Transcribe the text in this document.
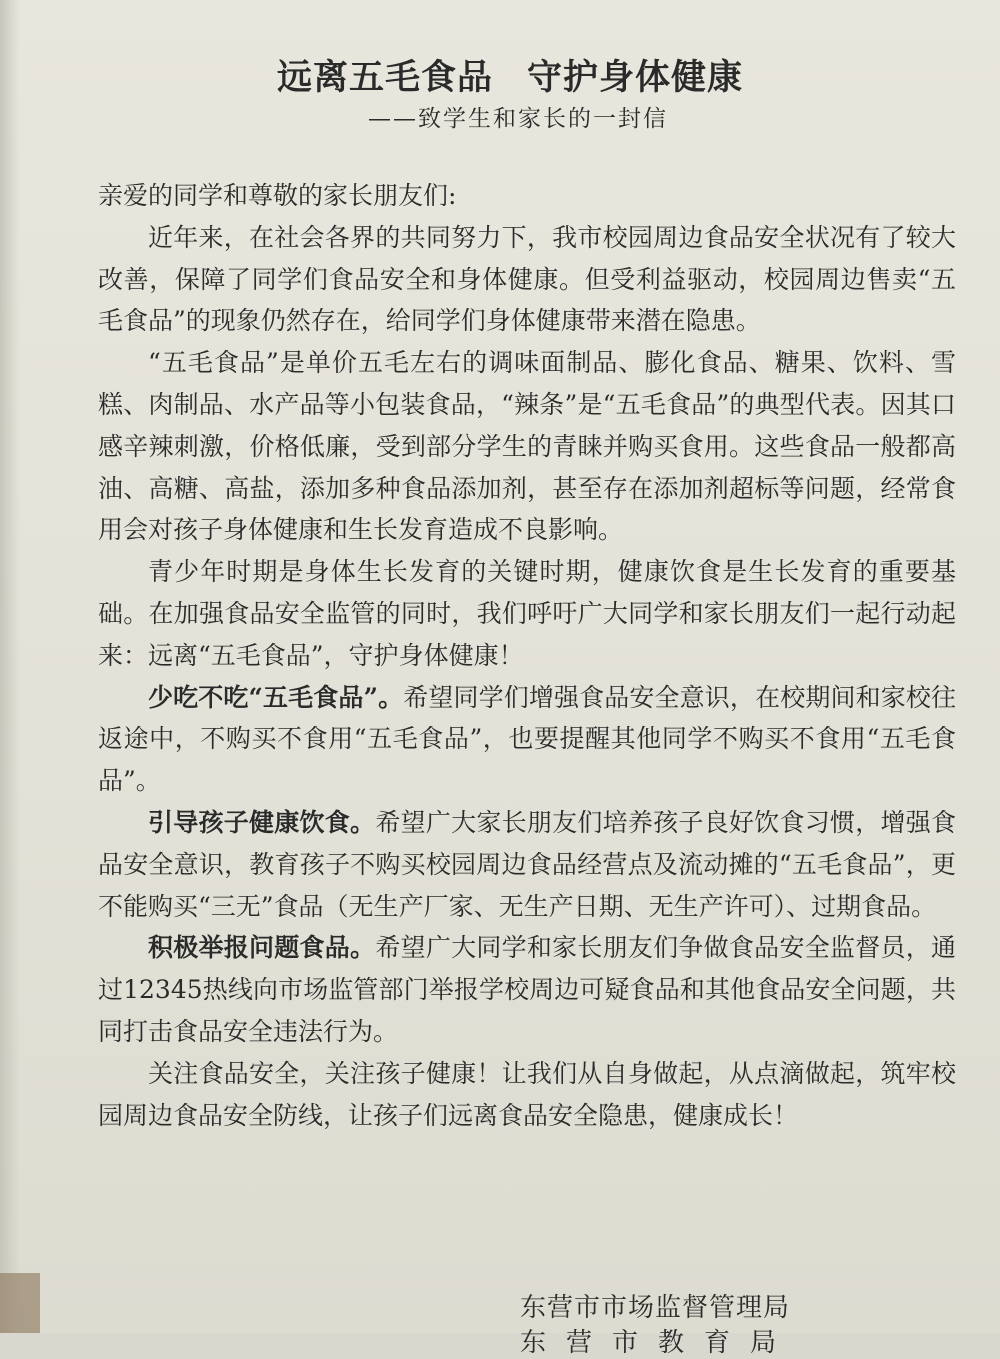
远离五毛食品 守护身体健康
——致学生和家长的一封信

亲爱的同学和尊敬的家长朋友们:

近年来，在社会各界的共同努力下，我市校园周边食品安全状况有了较大改善，保障了同学们食品安全和身体健康。但受利益驱动，校园周边售卖“五毛食品”的现象仍然存在，给同学们身体健康带来潜在隐患。

“五毛食品”是单价五毛左右的调味面制品、膨化食品、糖果、饮料、雪糕、肉制品、水产品等小包装食品，“辣条”是“五毛食品”的典型代表。因其口感辛辣刺激，价格低廉，受到部分学生的青睐并购买食用。这些食品一般都高油、高糖、高盐，添加多种食品添加剂，甚至存在添加剂超标等问题，经常食用会对孩子身体健康和生长发育造成不良影响。

青少年时期是身体生长发育的关键时期，健康饮食是生长发育的重要基础。在加强食品安全监管的同时，我们呼吁广大同学和家长朋友们一起行动起来：远离“五毛食品”，守护身体健康！

少吃不吃“五毛食品”。希望同学们增强食品安全意识，在校期间和家校往返途中，不购买不食用“五毛食品”，也要提醒其他同学不购买不食用“五毛食品”。

引导孩子健康饮食。希望广大家长朋友们培养孩子良好饮食习惯，增强食品安全意识，教育孩子不购买校园周边食品经营点及流动摊的“五毛食品”，更不能购买“三无”食品（无生产厂家、无生产日期、无生产许可）、过期食品。

积极举报问题食品。希望广大同学和家长朋友们争做食品安全监督员，通过12345热线向市场监管部门举报学校周边可疑食品和其他食品安全问题，共同打击食品安全违法行为。

关注食品安全，关注孩子健康！让我们从自身做起，从点滴做起，筑牢校园周边食品安全防线，让孩子们远离食品安全隐患，健康成长！

东营市市场监督管理局
东营市教育局
